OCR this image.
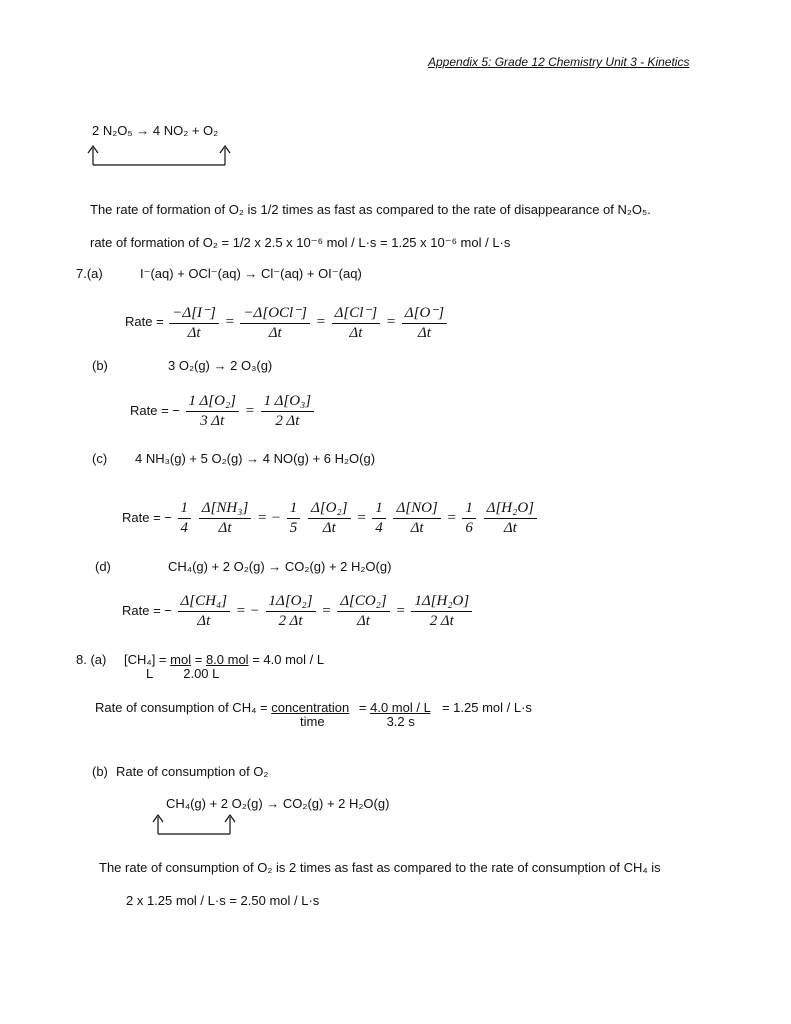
Appendix 5: Grade 12 Chemistry Unit 3 - Kinetics
2 N₂O₅ → 4 NO₂ + O₂
The rate of formation of O₂ is 1/2 times as fast as compared to the rate of disappearance of N₂O₅.
rate of formation of O₂ = 1/2 x 2.5 x 10⁻⁶ mol / L·s = 1.25 x 10⁻⁶ mol / L·s
7.(a)	I⁻(aq) + OCl⁻(aq) → Cl⁻(aq) + OI⁻(aq)
Rate = $\frac{-\Delta[I^-]}{\Delta t} = \frac{\text{−Δ[OCl⁻]}}{\Delta t} = \frac{\Delta[Cl^-]}{\Delta t} = \frac{\Delta[O^-]}{\Delta t}$
(b)	3 O₂(g) → 2 O₃(g)
Rate = − $\frac{\text{1 Δ[O₂]}}{3 \Delta t} = \frac{\text{1 Δ[O₃]}}{2 \Delta t}$
(c) 4 NH₃(g) + 5 O₂(g) → 4 NO(g) + 6 H₂O(g)
Rate = − $\frac{1}{4}$
$\frac{\text{Δ[NH₃]}}{\Delta t}$ = − $\frac{1}{5}$
$\frac{\text{Δ[O₂]}}{\Delta t} = \frac{1}{4}$
$\frac{\Delta[NO]}{\Delta t} = \frac{1}{6}$
$\frac{\text{Δ[H₂O]}}{\Delta t}$
(d)	CH₄(g) + 2 O₂(g) → CO₂(g) + 2 H₂O(g)
Rate = − $\frac{\text{Δ[CH₄]}}{\Delta t}$ = − $\frac{\text{1Δ[O₂]}}{2 \Delta t} = \frac{\text{Δ[CO₂]}}{\Delta t} = \frac{\text{1Δ[H₂O]}}{2 \Delta t}$
8. (a) [CH₄] = mol = 8.0 mol = 4.0 mol / L
L 2.00 L
Rate of consumption of CH₄ = concentration = 4.0 mol / L = 1.25 mol / L·s
time	3.2 s
(b) Rate of consumption of O₂
CH₄(g) + 2 O₂(g) → CO₂(g) + 2 H₂O(g)
The rate of consumption of O₂ is 2 times as fast as compared to the rate of consumption of CH₄ is
2 x 1.25 mol / L·s = 2.50 mol / L·s
